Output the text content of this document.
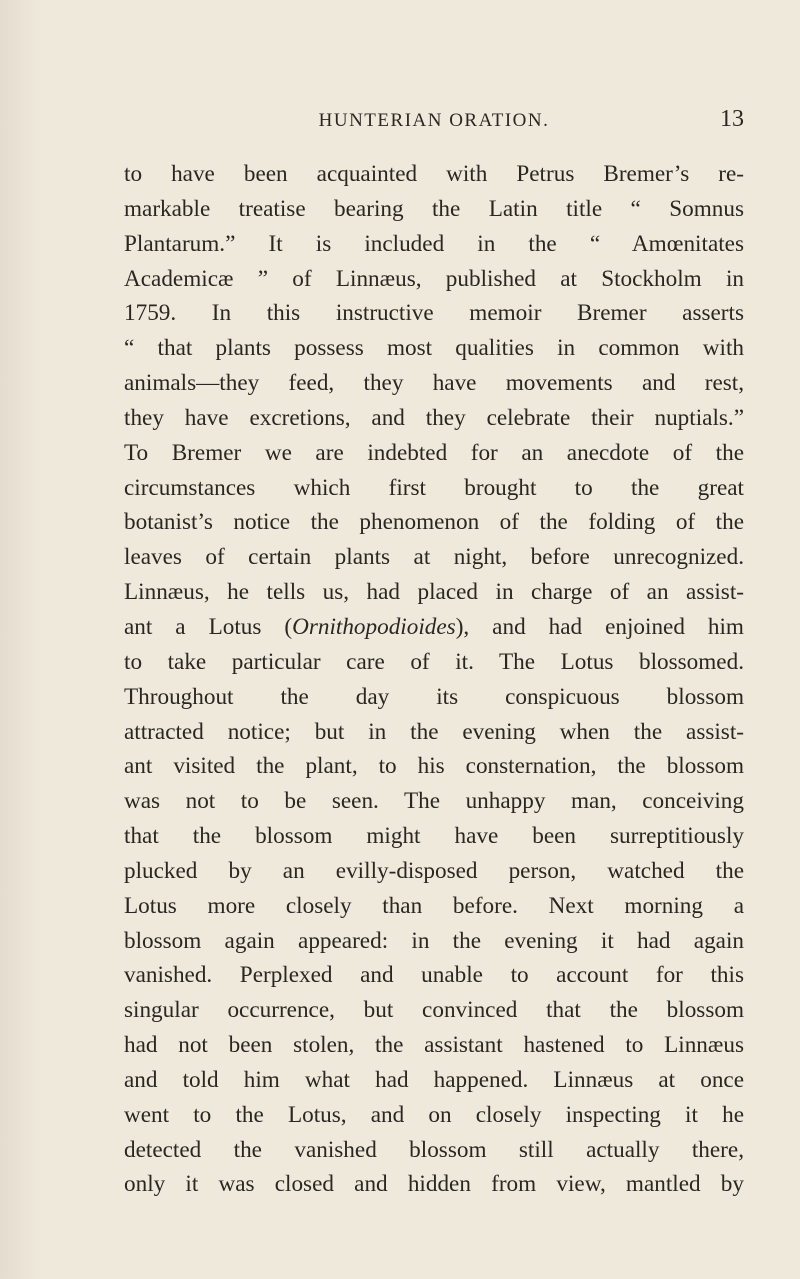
HUNTERIAN ORATION.	13
to have been acquainted with Petrus Bremer’s re-
markable treatise bearing the Latin title “ Somnus
Plantarum.” It is included in the “ Amœnitates
Academicæ ” of Linnæus, published at Stockholm in
1759. In this instructive memoir Bremer asserts
“ that plants possess most qualities in common with
animals—they feed, they have movements and rest,
they have excretions, and they celebrate their nuptials.”
To Bremer we are indebted for an anecdote of the
circumstances which first brought to the great
botanist’s notice the phenomenon of the folding of the
leaves of certain plants at night, before unrecognized.
Linnæus, he tells us, had placed in charge of an assist-
ant a Lotus (Ornithopodioides), and had enjoined him
to take particular care of it. The Lotus blossomed.
Throughout the day its conspicuous blossom
attracted notice; but in the evening when the assist-
ant visited the plant, to his consternation, the blossom
was not to be seen. The unhappy man, conceiving
that the blossom might have been surreptitiously
plucked by an evilly-disposed person, watched the
Lotus more closely than before. Next morning a
blossom again appeared: in the evening it had again
vanished. Perplexed and unable to account for this
singular occurrence, but convinced that the blossom
had not been stolen, the assistant hastened to Linnæus
and told him what had happened. Linnæus at once
went to the Lotus, and on closely inspecting it he
detected the vanished blossom still actually there,
only it was closed and hidden from view, mantled by
